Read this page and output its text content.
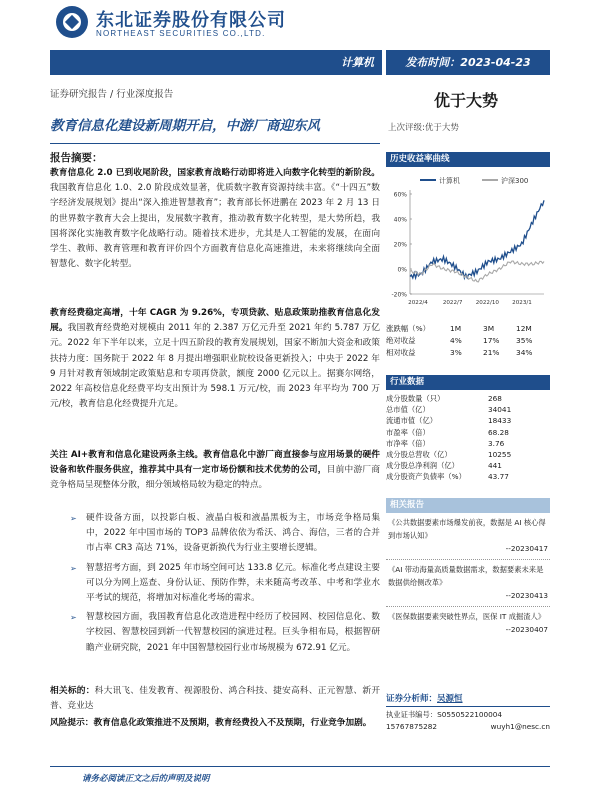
东北证券股份有限公司
NORTHEAST SECURITIES CO.,LTD.
计算机	发布时间：2023-04-23
证券研究报告 / 行业深度报告	优于大势
上次评级:优于大势
教育信息化建设新周期开启，中游厂商迎东风
报告摘要：
教育信息化 2.0 已到收尾阶段，国家教育战略行动即将进入向数字化转型的新阶段。我国教育信息化 1.0、2.0 阶段成效显著，优质数字教育资源持续丰富。《“十四五”数字经济发展规划》提出“深入推进智慧教育”；教育部长怀进鹏在 2023 年 2 月 13 日的世界数字教育大会上提出，发展数字教育，推动教育数字化转型，是大势所趋，我国将深化实施教育数字化战略行动。随着技术进步，尤其是人工智能的发展，在面向学生、教师、教育管理和教育评价四个方面教育信息化高速推进，未来将继续向全面智慧化、数字化转型。
教育经费稳定高增，十年 CAGR 为 9.26%，专项贷款、贴息政策助推教育信息化发展。我国教育经费绝对规模由 2011 年的 2.387 万亿元升至 2021 年约 5.787 万亿元。2022 年下半年以来，立足十四五阶段的教育发展规划，国家不断加大资金和政策扶持力度：国务院于 2022 年 8 月提出增强职业院校设备更新投入；中央于 2022 年 9 月针对教育领域制定政策贴息和专项再贷款，额度 2000 亿元以上。据赛尔网络，2022 年高校信息化经费平均支出预计为 598.1 万元/校，而 2023 年平均为 700 万元/校，教育信息化经费提升亢足。
关注 AI+教育和信息化建设两条主线。教育信息化中游厂商直接参与应用场景的硬件设备和软件服务供应，推荐其中具有一定市场份额和技术优势的公司，目前中游厂商竞争格局呈现整体分散，细分领域格局较为稳定的特点。
➢ 硬件设备方面，以投影白板、液晶白板和液晶黑板为主，市场竞争格局集中，2022 年中国市场的 TOP3 品牌依依为希沃、鸿合、海信，三者的合并市占率 CR3 高达 71%，设备更新换代为行业主要增长逻辑。
➢ 智慧招考方面，到 2025 年市场空间可达 133.8 亿元。标准化考点建设主要可以分为网上巡查、身份认证、预防作弊，未来随高考改革、中考和学业水平考试的规范，将增加对标准化考场的需求。
➢ 智慧校园方面，我国教育信息化改造进程中经历了校园网、校园信息化、数字校园、智慧校园到新一代智慧校园的演进过程。巨头争相布局，根据智研瞻产业研究院，2021 年中国智慧校园行业市场规模为 672.91 亿元。
相关标的：科大讯飞、佳发教育、视源股份、鸿合科技、捷安高科、正元智慧、新开普、竞业达
风险提示：教育信息化政策推进不及预期，教育经费投入不及预期，行业竞争加剧。
历史收益率曲线
计算机	沪深300
-20%
0%
20%
40%
60%
2022/4	2022/7 2022/10 2023/1
涨跌幅（%）	1M	3M	12M
绝对收益	4%	17%	35%
相对收益	3%	21%	34%
行业数据
成分股数量（只）	268
总市值（亿）	34041
流通市值（亿）	18433
市盈率（倍）	68.28
市净率（倍）	3.76
成分股总营收（亿）	10255
成分股总净利润（亿）	441
成分股资产负债率（%）	43.77
相关报告
《公共数据要素市场爆发前夜，数据是 AI 核心得到市场认知》
--20230417
《AI 带动海量高质量数据需求，数据要素未来是数据供给侧改革》
--20230413
《医保数据要素突破性界点，医保 IT 成掘渣人》
--20230407
证券分析师：吴源恒
执业证书编号：S0550522100004
15767875282	wuyh1@nesc.cn
请务必阅读正文之后的声明及说明
